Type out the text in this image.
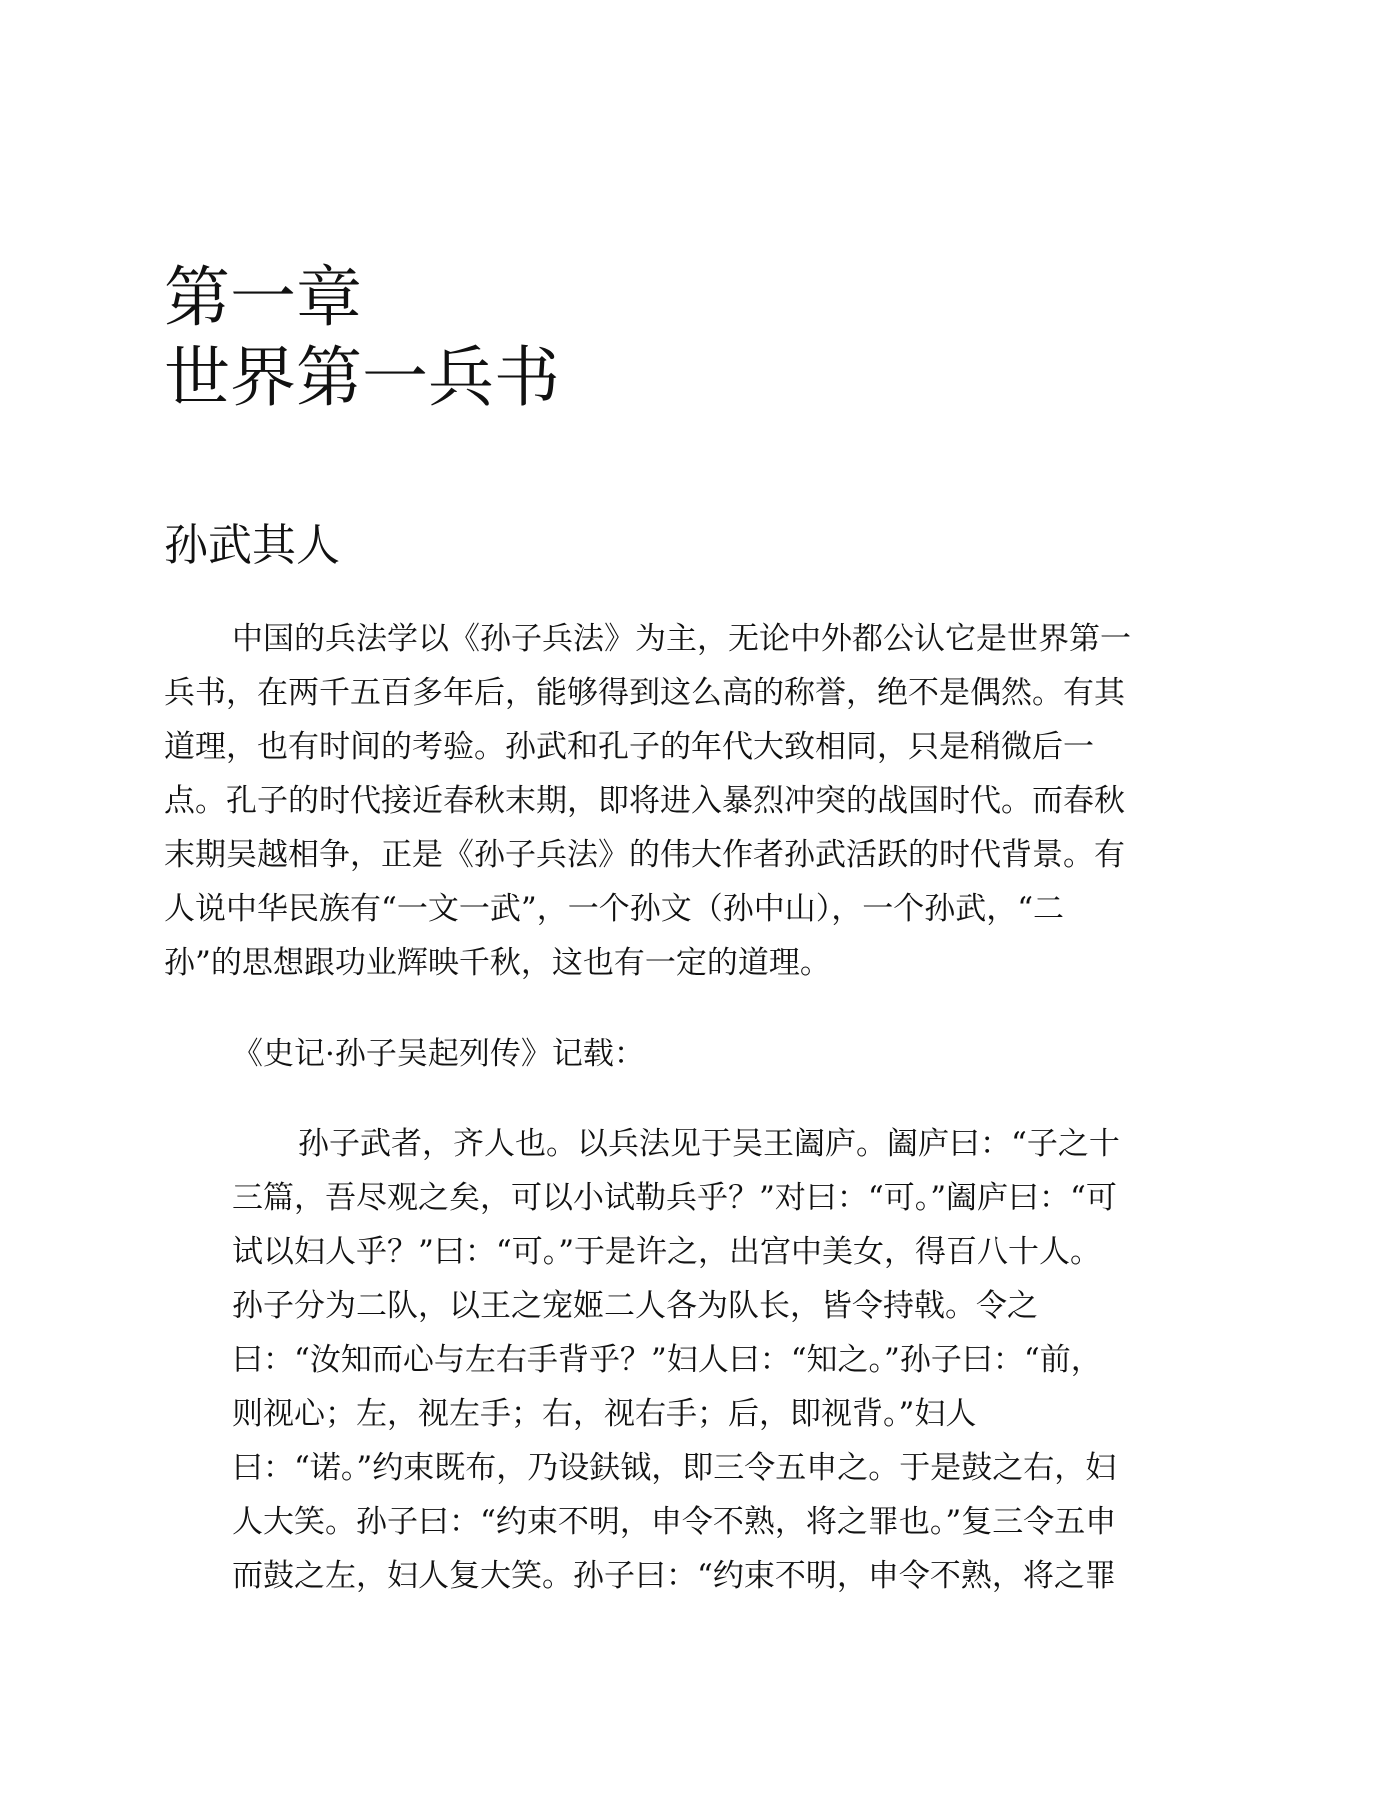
第一章
世界第一兵书
孙武其人
中国的兵法学以《孙子兵法》为主，无论中外都公认它是世界第一
兵书，在两千五百多年后，能够得到这么高的称誉，绝不是偶然。有其
道理，也有时间的考验。孙武和孔子的年代大致相同，只是稍微后一
点。孔子的时代接近春秋末期，即将进入暴烈冲突的战国时代。而春秋
末期吴越相争，正是《孙子兵法》的伟大作者孙武活跃的时代背景。有
人说中华民族有“一文一武”，一个孙文（孙中山），一个孙武，“二
孙”的思想跟功业辉映千秋，这也有一定的道理。
《史记·孙子吴起列传》记载：
孙子武者，齐人也。以兵法见于吴王阖庐。阖庐曰：“子之十
三篇，吾尽观之矣，可以小试勒兵乎？”对曰：“可。”阖庐曰：“可
试以妇人乎？”曰：“可。”于是许之，出宫中美女，得百八十人。
孙子分为二队，以王之宠姬二人各为队长，皆令持戟。令之
曰：“汝知而心与左右手背乎？”妇人曰：“知之。”孙子曰：“前，
则视心；左，视左手；右，视右手；后，即视背。”妇人
曰：“诺。”约束既布，乃设鈇钺，即三令五申之。于是鼓之右，妇
人大笑。孙子曰：“约束不明，申令不熟，将之罪也。”复三令五申
而鼓之左，妇人复大笑。孙子曰：“约束不明，申令不熟，将之罪
